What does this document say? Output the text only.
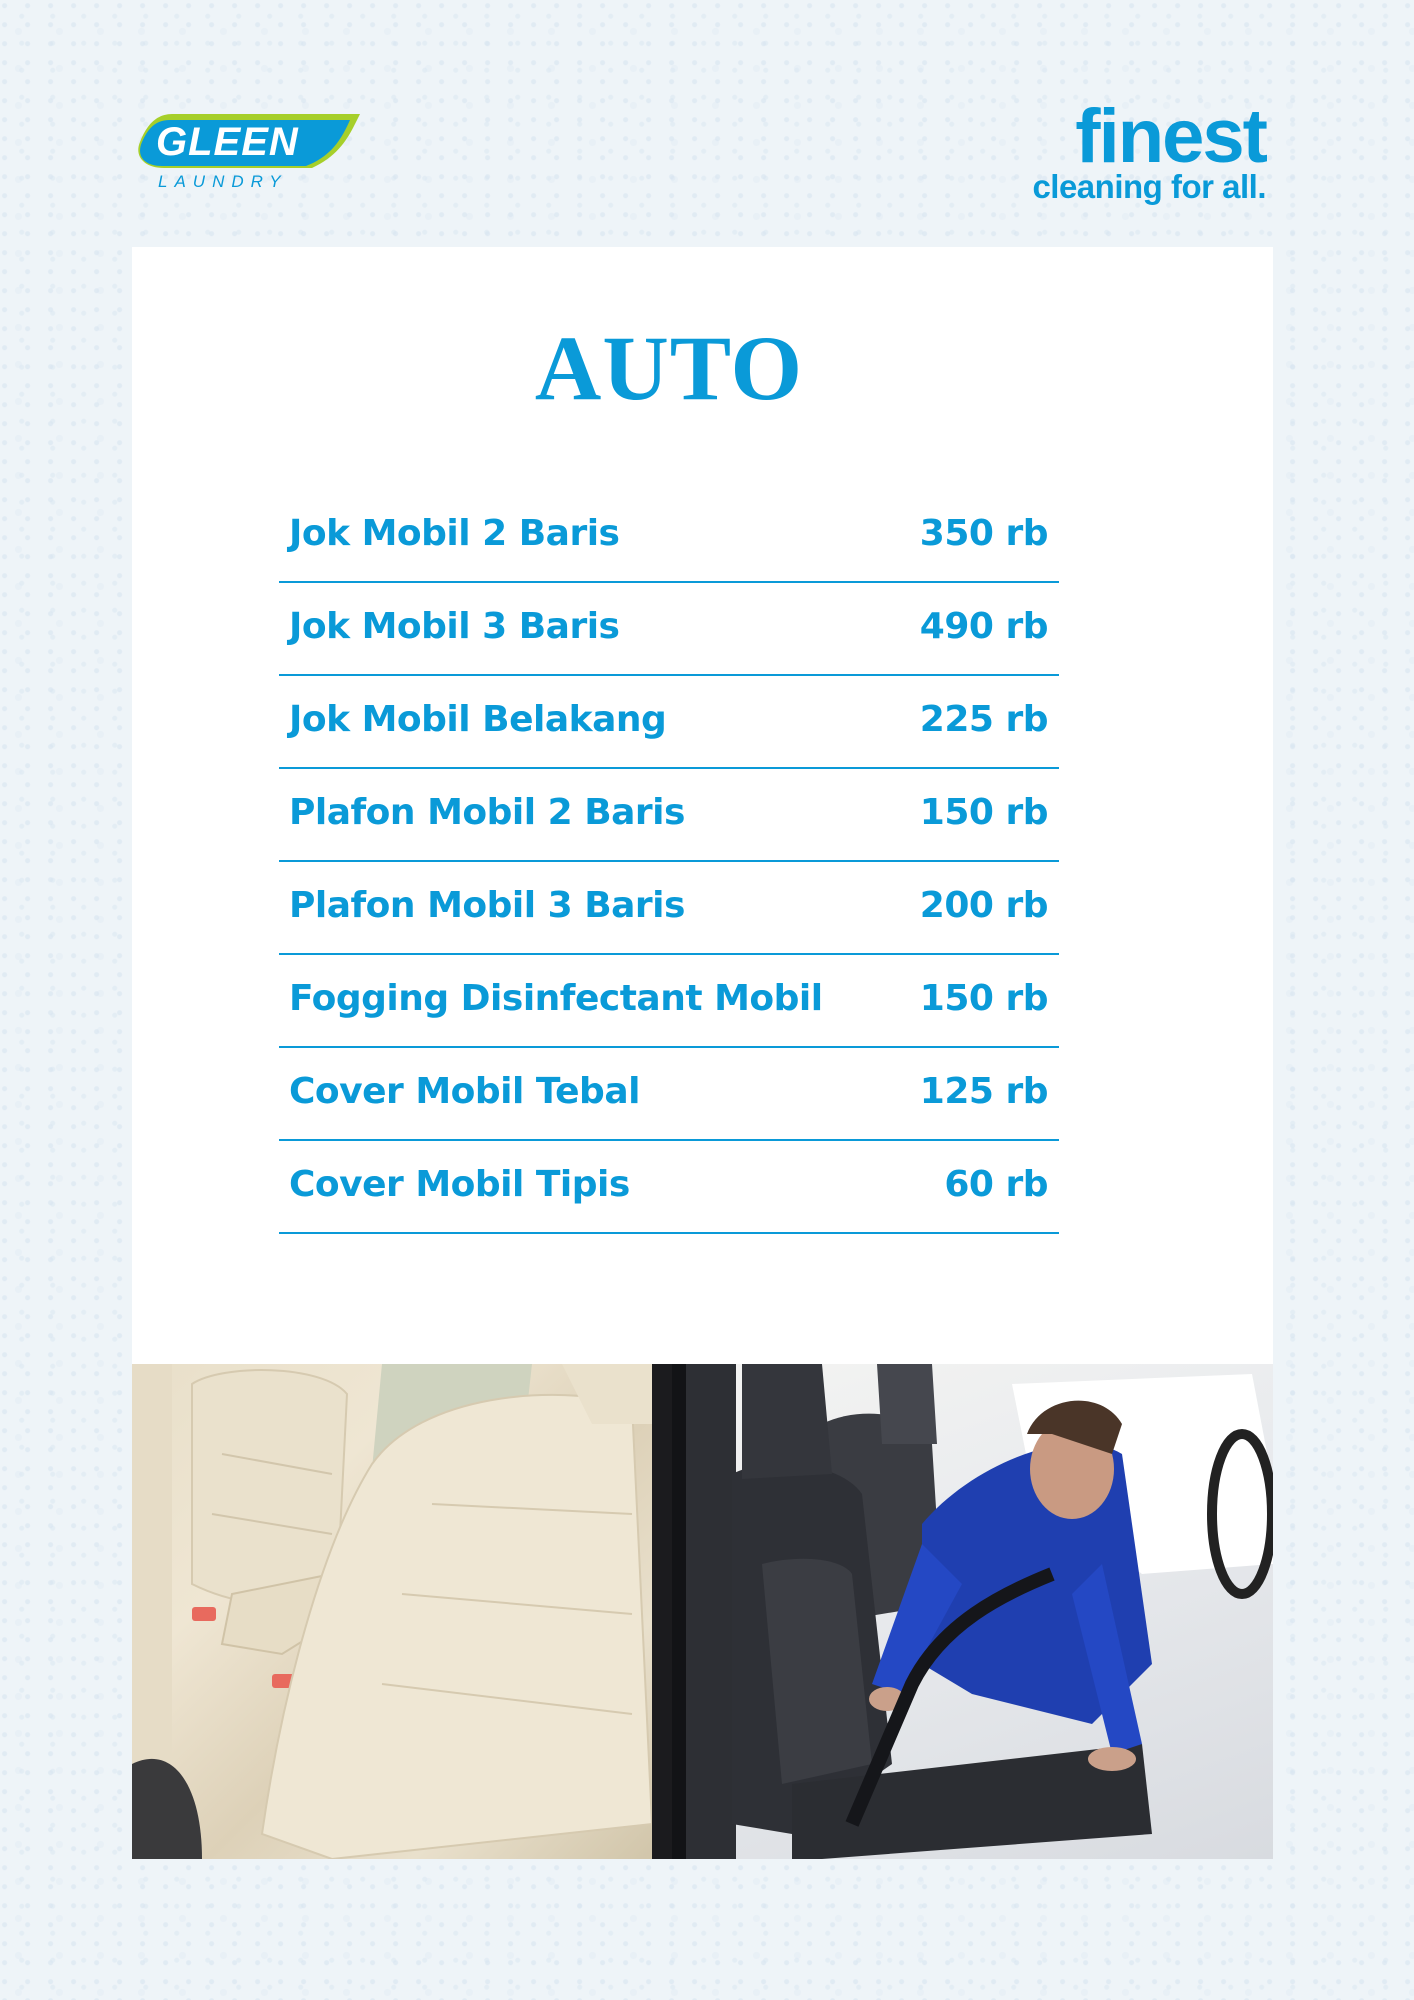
GLEEN
LAUNDRY
finest
cleaning for all.
AUTO
Jok Mobil 2 Baris	350 rb
Jok Mobil 3 Baris	490 rb
Jok Mobil Belakang	225 rb
Plafon Mobil 2 Baris	150 rb
Plafon Mobil 3 Baris	200 rb
Fogging Disinfectant Mobil	150 rb
Cover Mobil Tebal	125 rb
Cover Mobil Tipis	60 rb
